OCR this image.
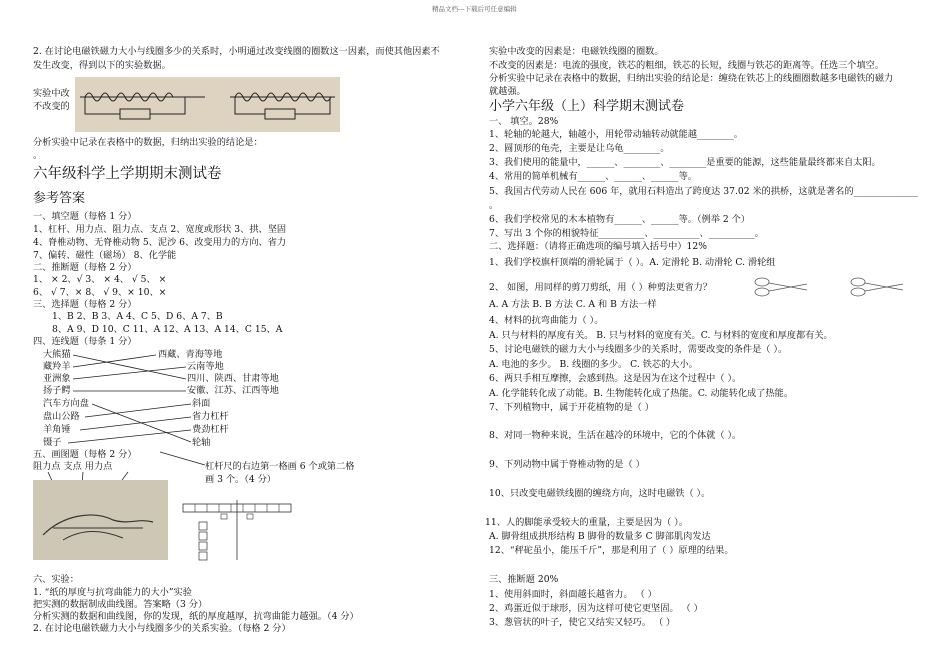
精品文档---下载后可任意编辑
2. 在讨论电磁铁磁力大小与线圈多少的关系时，小明通过改变线圈的圈数这一因素，而使其他因素不
发生改变，得到以下的实验数据。
实验中改
不改变的
分析实验中记录在表格中的数据，归纳出实验的结论是：
。
六年级科学上学期期末测试卷
参考答案
一、填空题（每格 1 分）
1、杠杆、用力点、阻力点、支点 2、宽度或形状 3、拱、坚固
4、脊椎动物、无脊椎动物 5、泥沙 6、改变用力的方向、省力
7、偏转、磁性（磁场） 8、化学能
二、推断题（每格 2 分）
1、 × 2、√ 3、 × 4、 √ 5、 ×
6、 √ 7、× 8、 √ 9、× 10、×
三、选择题（每格 2 分）
1、B 2、B 3、A 4、C 5、D 6、A 7、B
8、A 9、D 10、C 11、A 12、A 13、A 14、C 15、A
四、连线题（每条 1 分）
大熊猫
藏羚羊
亚洲象
扬子鳄
汽车方向盘
盘山公路
羊角锤
镊子
西藏、青海等地
云南等地
四川、陕西、甘肃等地
安徽、江苏、江西等地
斜面
省力杠杆
费劲杠杆
轮轴
五、画图题（每格 2 分）
阻力点 支点 用力点	杠杆尺的右边第一格画 6 个或第二格
画 3 个。（4 分）
六、实验：
1. “纸的厚度与抗弯曲能力的大小”实验
把实测的数据制成曲线图。答案略（3 分）
分析实测的数据和曲线图，你的发现，纸的厚度越厚，抗弯曲能力越强。（4 分）
2. 在讨论电磁铁磁力大小与线圈多少的关系实验。（每格 2 分）
实验中改变的因素是：电磁铁线圈的圈数。
不改变的因素是：电流的强度，铁芯的粗细，铁芯的长短，线圈与铁芯的距离等。任选三个填空。
分析实验中记录在表格中的数据，归纳出实验的结论是：缠绕在铁芯上的线圈圈数越多电磁铁的磁力
就越强。
小学六年级（上）科学期末测试卷
一、 填空。28%
1、轮轴的轮越大，轴越小，用轮带动轴转动就能越________。
2、圆顶形的龟壳，主要是让乌龟________。
3、我们使用的能量中，______、________、________是重要的能源，这些能量最终都来自太阳。
4、常用的简单机械有______、______、______等。
5、我国古代劳动人民在 606 年，就用石料造出了跨度达 37.02 米的拱桥，这就是著名的______________
。
6、我们学校常见的木本植物有______、______等。（例举 2 个）
7、写出 3 个你的相貌特征__________、__________、__________。
二、选择题：（请将正确选项的编号填入括号中）12%
1、我们学校旗杆顶端的滑轮属于（ ）。A. 定滑轮 B. 动滑轮 C. 滑轮组
2、 如图，用同样的剪刀剪纸，用（ ）种剪法更省力？
A. A 方法 B. B 方法 C. A 和 B 方法一样
4、材料的抗弯曲能力（ ）。
A. 只与材料的厚度有关。 B. 只与材料的宽度有关。C. 与材料的宽度和厚度都有关。
5、讨论电磁铁的磁力大小与线圈多少的关系时，需要改变的条件是（ ）。
A. 电池的多少。 B. 线圈的多少。 C. 铁芯的大小。
6、两只手相互摩擦，会感到热。这是因为在这个过程中（ ）。
A. 化学能转化成了动能。B. 生物能转化成了热能。C. 动能转化成了热能。
7、下列植物中，属于开花植物的是（ ）
8、对同一物种来说，生活在越冷的环境中，它的个体就（ ）。
9、下列动物中属于脊椎动物的是（ ）
10、只改变电磁铁线圈的缠绕方向，这时电磁铁（ ）。
11、人的脚能承受较大的重量，主要是因为（ ）。
A. 脚骨组成拱形结构 B 脚骨的数量多 C 脚部肌肉发达
12、“秤砣虽小，能压千斤”，那是利用了（ ）原理的结果。
三、推断题 20%
1、使用斜面时，斜面越长越省力。 （ ）
2、鸡蛋近似于球形，因为这样可使它更坚固。 （ ）
3、葱管状的叶子，使它又结实又轻巧。 （ ）
